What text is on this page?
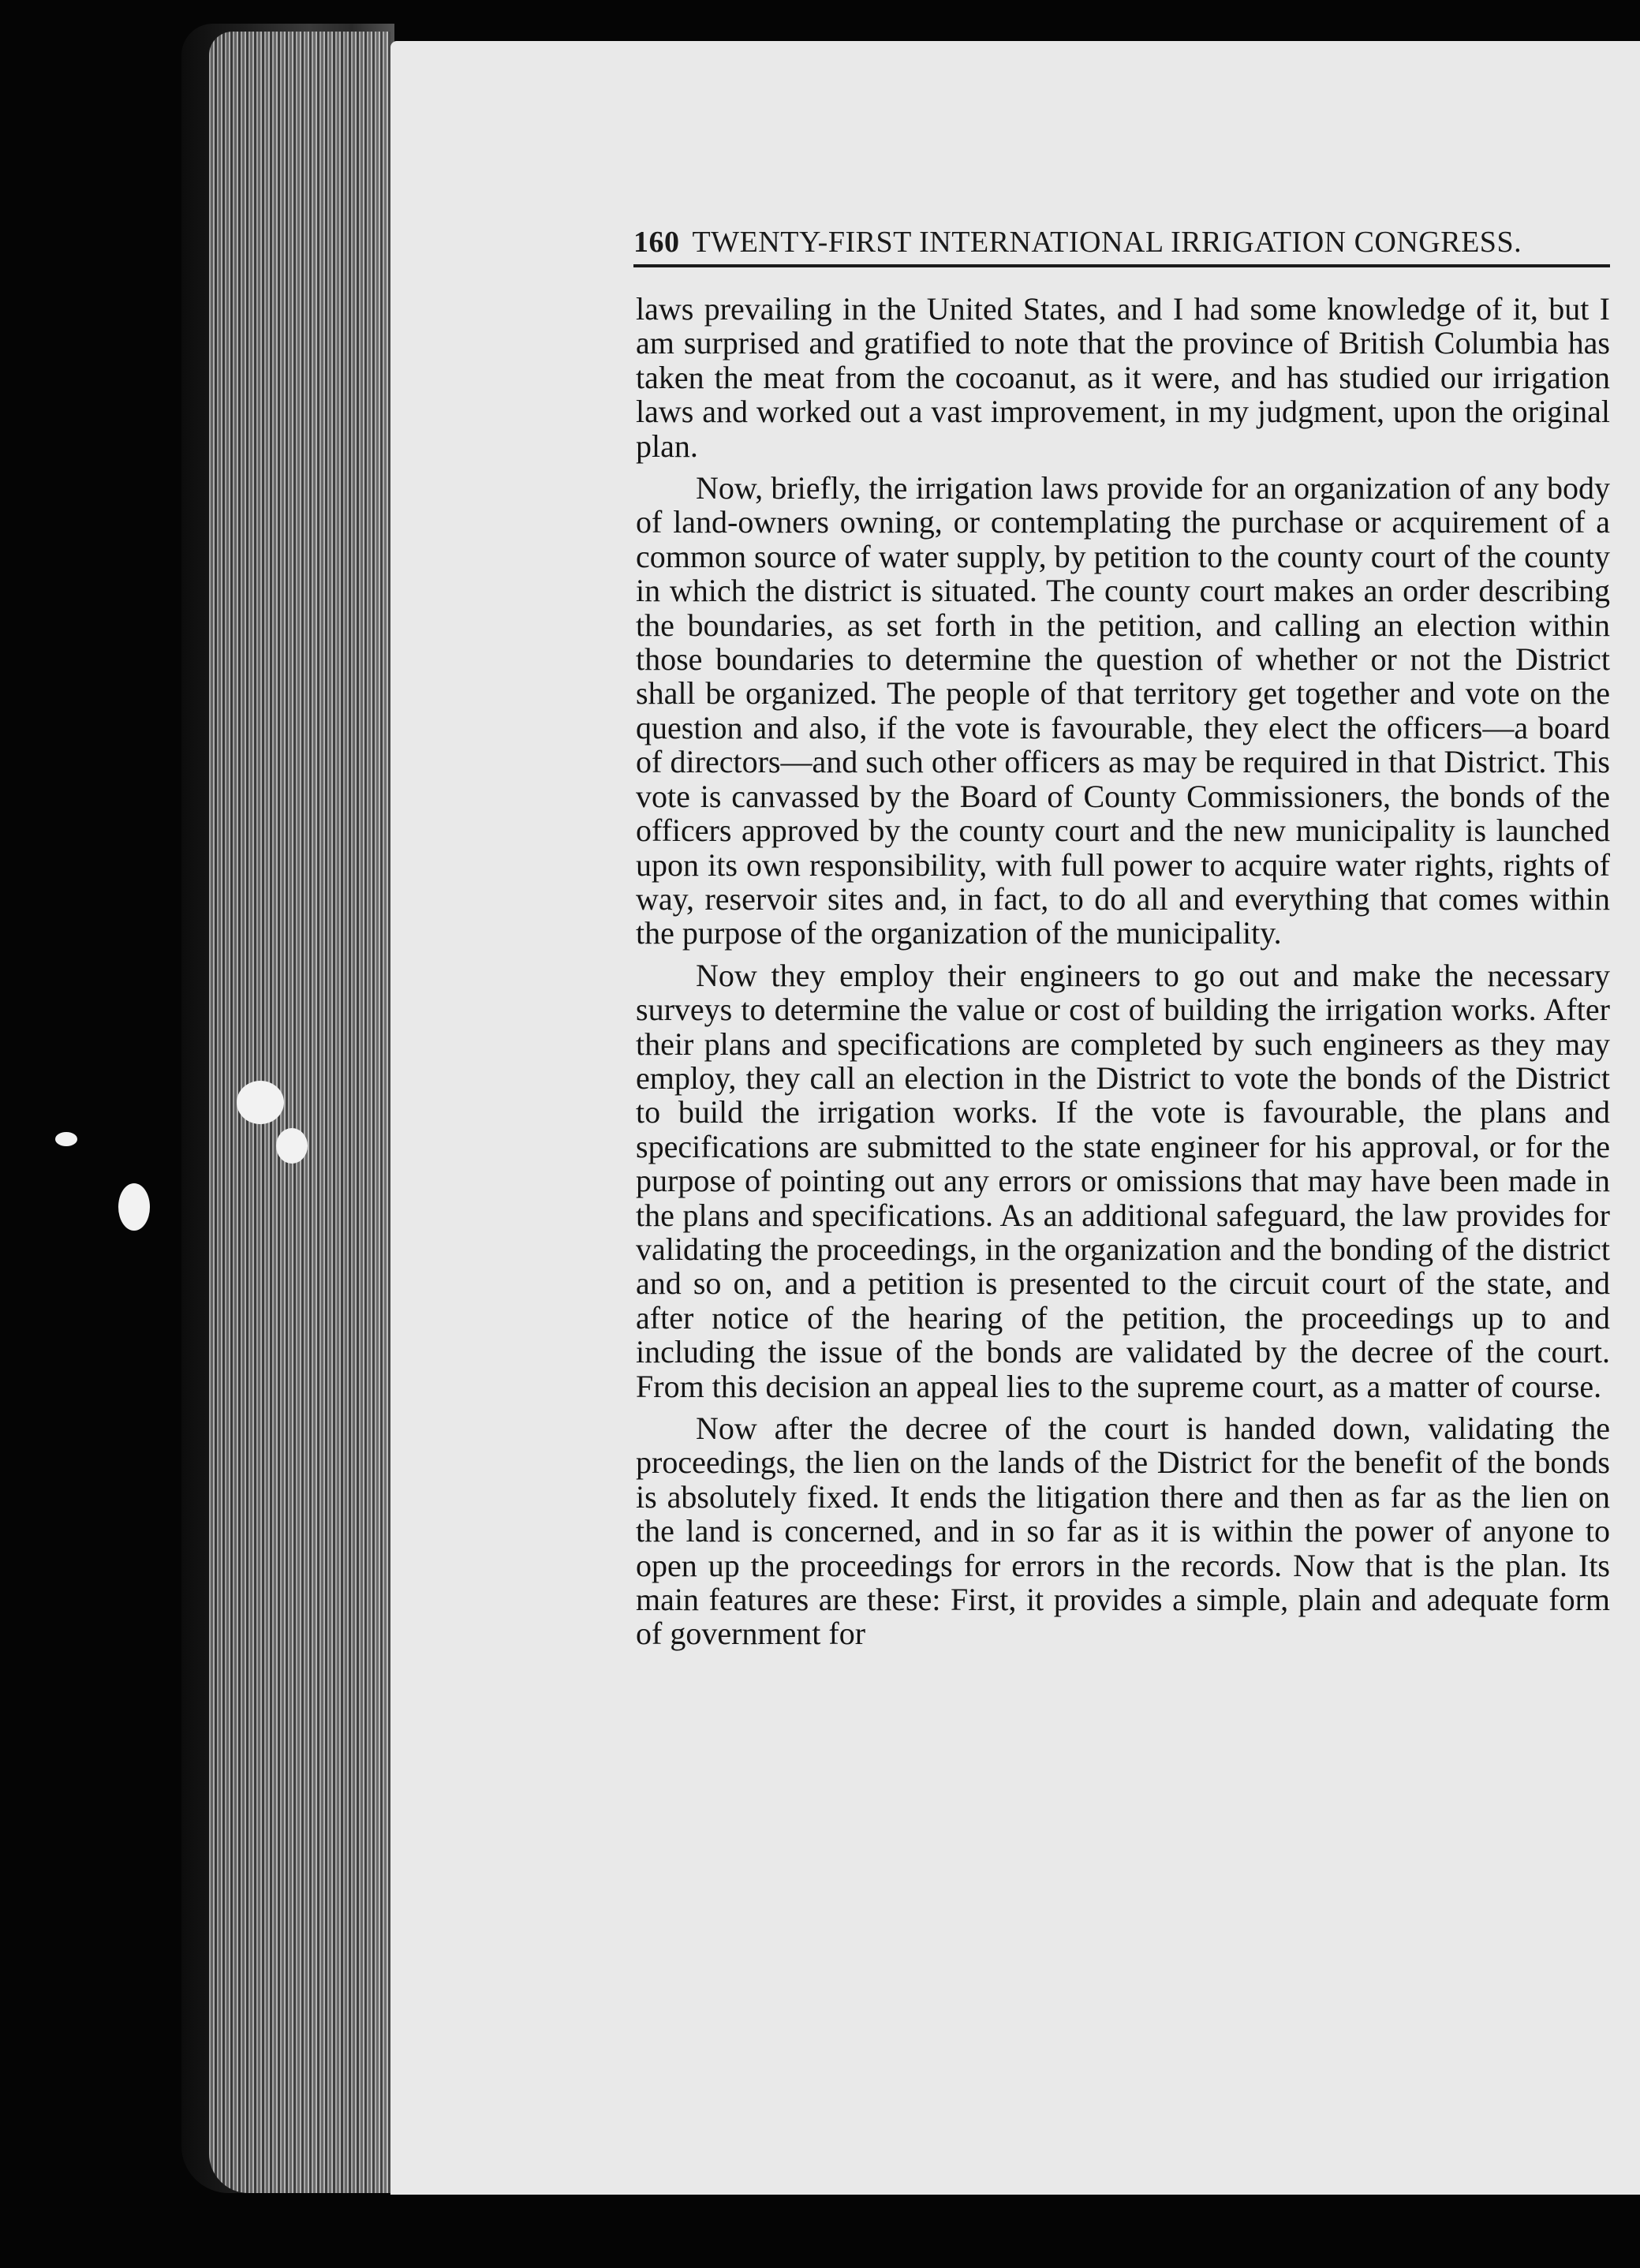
160 TWENTY-FIRST INTERNATIONAL IRRIGATION CONGRESS.

laws prevailing in the United States, and I had some knowledge of it, but I am surprised and gratified to note that the province of British Columbia has taken the meat from the cocoanut, as it were, and has studied our irrigation laws and worked out a vast improvement, in my judgment, upon the original plan.

Now, briefly, the irrigation laws provide for an organization of any body of land-owners owning, or contemplating the purchase or acquirement of a common source of water supply, by petition to the county court of the county in which the district is situated. The county court makes an order describing the boundaries, as set forth in the petition, and calling an election within those boundaries to determine the question of whether or not the District shall be organized. The people of that territory get together and vote on the question and also, if the vote is favourable, they elect the officers—a board of directors—and such other officers as may be required in that District. This vote is canvassed by the Board of County Commissioners, the bonds of the officers approved by the county court and the new municipality is launched upon its own responsibility, with full power to acquire water rights, rights of way, reservoir sites and, in fact, to do all and everything that comes within the purpose of the organization of the municipality.

Now they employ their engineers to go out and make the necessary surveys to determine the value or cost of building the irrigation works. After their plans and specifications are completed by such engineers as they may employ, they call an election in the District to vote the bonds of the District to build the irrigation works. If the vote is favourable, the plans and specifications are submitted to the state engineer for his approval, or for the purpose of pointing out any errors or omissions that may have been made in the plans and specifications. As an additional safeguard, the law provides for validating the proceedings, in the organization and the bonding of the district and so on, and a petition is presented to the circuit court of the state, and after notice of the hearing of the petition, the proceedings up to and including the issue of the bonds are validated by the decree of the court. From this decision an appeal lies to the supreme court, as a matter of course.

Now after the decree of the court is handed down, validating the proceedings, the lien on the lands of the District for the benefit of the bonds is absolutely fixed. It ends the litigation there and then as far as the lien on the land is concerned, and in so far as it is within the power of anyone to open up the proceedings for errors in the records. Now that is the plan. Its main features are these: First, it provides a simple, plain and adequate form of government for
